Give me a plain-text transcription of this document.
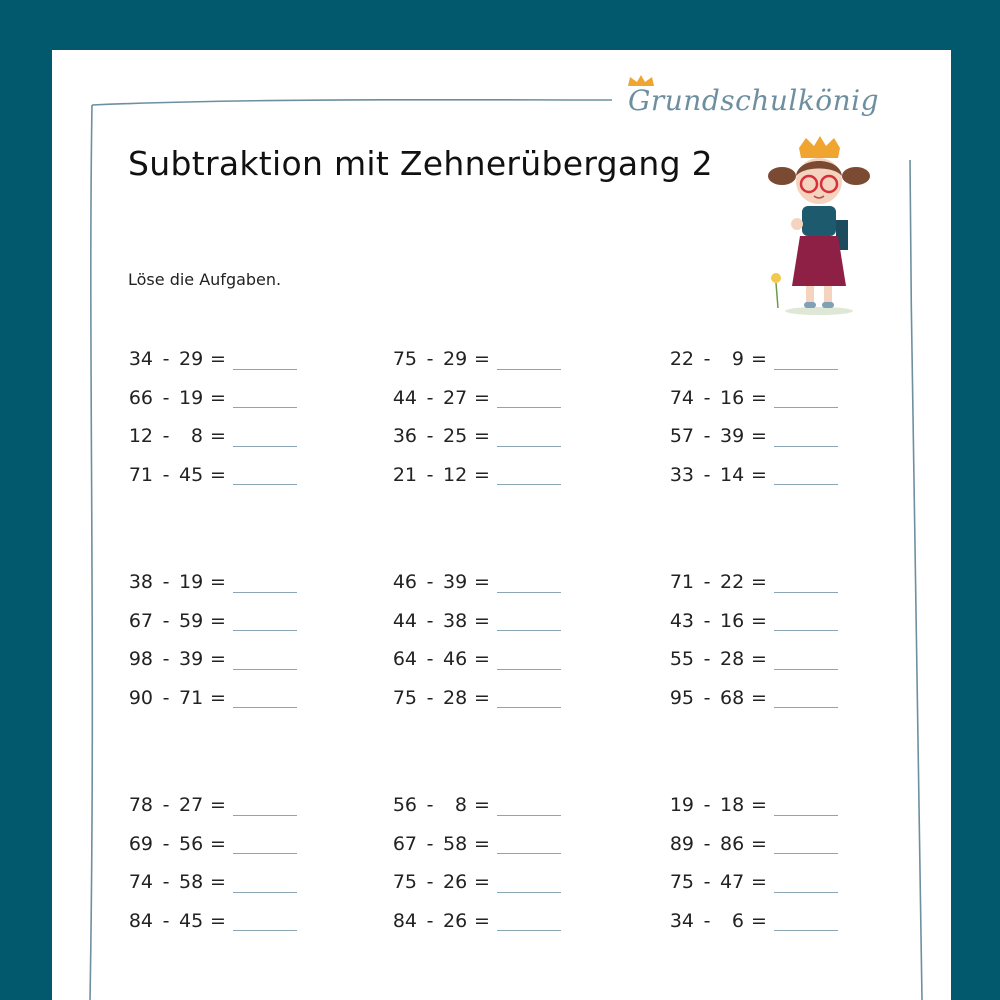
Grundschulkönig
Subtraktion mit Zehnerübergang 2
Löse die Aufgaben.
34 - 29 =
66 - 19 =
12 -	8 =
71 - 45 =
75 - 29 =
44 - 27 =
36 - 25 =
21 - 12 =
22 -	9 =
74 - 16 =
57 - 39 =
33 - 14 =
38 - 19 =
67 - 59 =
98 - 39 =
90 - 71 =
46 - 39 =
44 - 38 =
64 - 46 =
75 - 28 =
71 - 22 =
43 - 16 =
55 - 28 =
95 - 68 =
78 - 27 =
69 - 56 =
74 - 58 =
84 - 45 =
56 -	8 =
67 - 58 =
75 - 26 =
84 - 26 =
19 - 18 =
89 - 86 =
75 - 47 =
34 -	6 =
